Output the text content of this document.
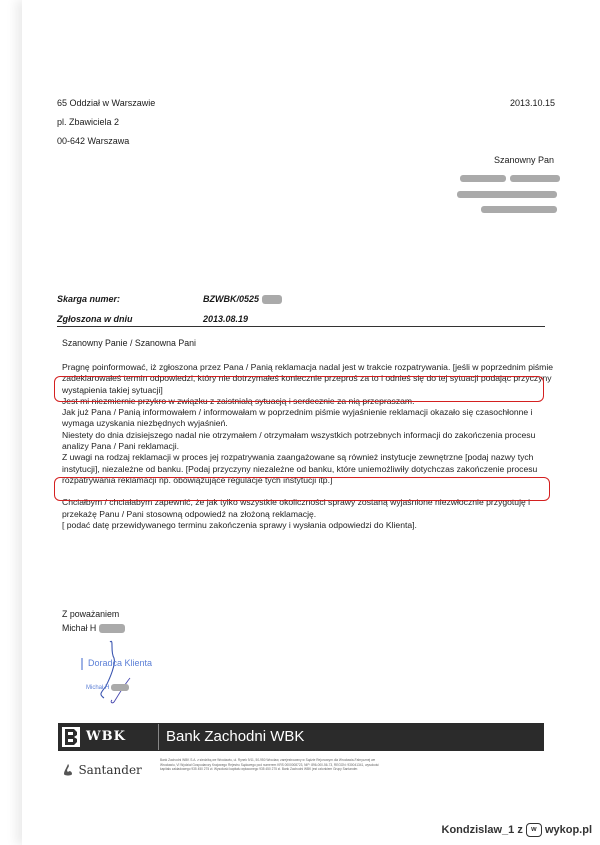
65 Oddział w Warszawie
pl. Zbawiciela 2
00-642 Warszawa
2013.10.15
Szanowny Pan

Skarga numer:	BZWBK/0525
Zgłoszona w dniu	2013.08.19
Szanowny Panie / Szanowna Pani

Pragnę poinformować, iż zgłoszona przez Pana / Panią reklamacja nadal jest w trakcie rozpatrywania. [jeśli w poprzednim piśmie zadeklarowałeś termin odpowiedzi, który nie dotrzymałeś koniecznie przeproś za to i odnieś się do tej sytuacji podając przyczyny wystąpienia takiej sytuacji]

Jest mi niezmiernie przykro w związku z zaistniałą sytuacją i serdecznie za nią przepraszam.

Jak już Pana / Panią informowałem / informowałam w poprzednim piśmie wyjaśnienie reklamacji okazało się czasochłonne i wymaga uzyskania niezbędnych wyjaśnień.

Niestety do dnia dzisiejszego nadal nie otrzymałem / otrzymałam wszystkich potrzebnych informacji do zakończenia procesu analizy Pana / Pani reklamacji.

Z uwagi na rodzaj reklamacji w proces jej rozpatrywania zaangażowane są również instytucje zewnętrzne [podaj nazwy tych instytucji], niezależne od banku. [Podaj przyczyny niezależne od banku, które uniemożliwiły dotychczas zakończenie procesu rozpatrywania reklamacji np. obowiązujące regulacje tych instytucji itp.]

Chciałbym / chciałabym zapewnić, że jak tylko wszystkie okoliczności sprawy zostaną wyjaśnione niezwłocznie przygotuję i przekażę Panu / Pani stosowną odpowiedź na złożoną reklamację.

[ podać datę przewidywanego terminu zakończenia sprawy i wysłania odpowiedzi do Klienta].

Z poważaniem
Michał H
Doradca Klienta
Michał H
WBK	Bank Zachodni WBK
Santander
Bank Zachodni WBK S.A. z siedzibą we Wrocławiu, ul. Rynek 9/11, 50-950 Wrocław, zarejestrowany w Sądzie Rejonowym dla Wrocławia-Fabrycznej we Wrocławiu, VI Wydział Gospodarczy Krajowego Rejestru Sądowego pod numerem KRS 0000008723, NIP: 896-000-56-73, REGON: 930041341, wysokość kapitału zakładowego 935 450 275 zł. Wysokość kapitału wpłaconego 935 450 275 zł. Bank Zachodni WBK jest członkiem Grupy Santander.
Kondzislaw_1 z w wykop.pl
